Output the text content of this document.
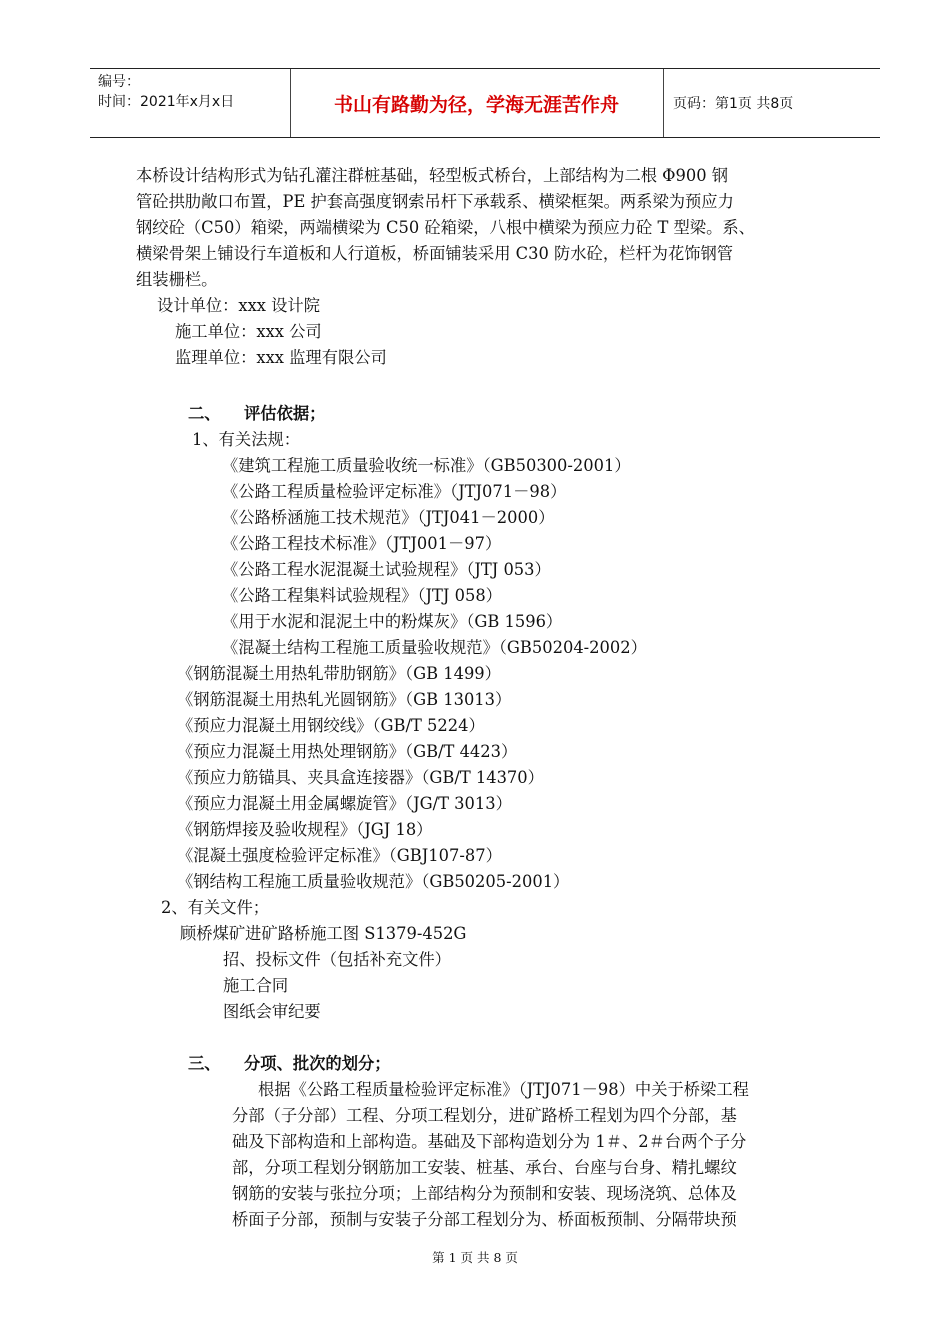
编号：
时间：2021年x月x日	书山有路勤为径，学海无涯苦作舟	页码：第1页 共8页
本桥设计结构形式为钻孔灌注群桩基础，轻型板式桥台，上部结构为二根 Φ900 钢
管砼拱肋敞口布置，PE 护套高强度钢索吊杆下承载系、横梁框架。两系梁为预应力
钢绞砼（C50）箱梁，两端横梁为 C50 砼箱梁，八根中横梁为预应力砼 T 型梁。系、
横梁骨架上铺设行车道板和人行道板，桥面铺装采用 C30 防水砼，栏杆为花饰钢管
组装栅栏。
设计单位：xxx 设计院
施工单位：xxx 公司
监理单位：xxx 监理有限公司
二、 评估依据；
1、有关法规：
《建筑工程施工质量验收统一标准》（GB50300-2001）
《公路工程质量检验评定标准》（JTJ071－98）
《公路桥涵施工技术规范》（JTJ041－2000）
《公路工程技术标准》（JTJ001－97）
《公路工程水泥混凝土试验规程》（JTJ 053）
《公路工程集料试验规程》（JTJ 058）
《用于水泥和混泥土中的粉煤灰》（GB 1596）
《混凝土结构工程施工质量验收规范》（GB50204-2002）
《钢筋混凝土用热轧带肋钢筋》（GB 1499）
《钢筋混凝土用热轧光圆钢筋》（GB 13013）
《预应力混凝土用钢绞线》（GB/T 5224）
《预应力混凝土用热处理钢筋》（GB/T 4423）
《预应力筋锚具、夹具盒连接器》（GB/T 14370）
《预应力混凝土用金属螺旋管》（JG/T 3013）
《钢筋焊接及验收规程》（JGJ 18）
《混凝土强度检验评定标准》（GBJ107-87）
《钢结构工程施工质量验收规范》（GB50205-2001）
2、有关文件；
顾桥煤矿进矿路桥施工图 S1379-452G
招、投标文件（包括补充文件）
施工合同
图纸会审纪要
三、 分项、批次的划分；
根据《公路工程质量检验评定标准》（JTJ071－98）中关于桥梁工程
分部（子分部）工程、分项工程划分，进矿路桥工程划为四个分部，基
础及下部构造和上部构造。基础及下部构造划分为 1＃、2＃台两个子分
部，分项工程划分钢筋加工安装、桩基、承台、台座与台身、精扎螺纹
钢筋的安装与张拉分项；上部结构分为预制和安装、现场浇筑、总体及
桥面子分部，预制与安装子分部工程划分为、桥面板预制、分隔带块预
第 1 页 共 8 页
